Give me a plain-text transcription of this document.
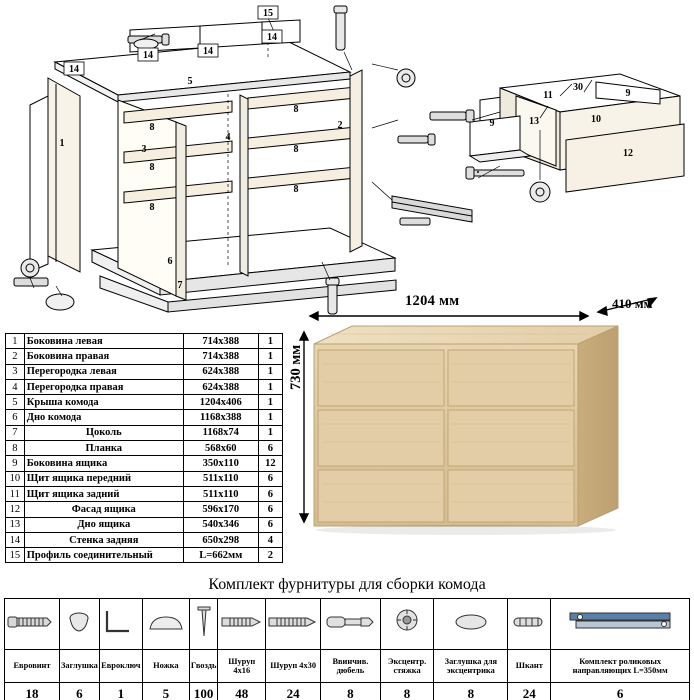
15
14
14	14
14
5
1
8
8
8
8
8
8
3
4
2
6
7
9
9
11
30
13	10
12
1	Боковина левая	714х388	1
2	Боковина правая	714х388	1
3	Перегородка левая	624х388	1
4	Перегородка правая	624х388	1
5	Крыша комода	1204х406	1
6	Дно комода	1168х388	1
7	Цоколь	1168х74	1
8	Планка	568х60	6
9	Боковина ящика	350х110	12
10	Щит ящика передний	511х110	6
11	Щит ящика задний	511х110	6
12	Фасад ящика	596х170	6
13	Дно ящика	540х346	6
14	Стенка задняя	650х298	4
15	Профиль соединительный	L=662мм	2
1204 мм	410 мм
730 мм
Комплект фурнитуры для сборки комода

Евровинт	Заглушка	Евроключ	Ножка	Гвоздь	Шуруп 4х16	Шуруп 4х30	Ввинчив. дюбель	Эксцентр. стяжка	Заглушка для эксцентрика	Шкант	Комплект роликовых направляющих L=350мм
18	6	1	5	100	48	24	8	8	8	24	6
